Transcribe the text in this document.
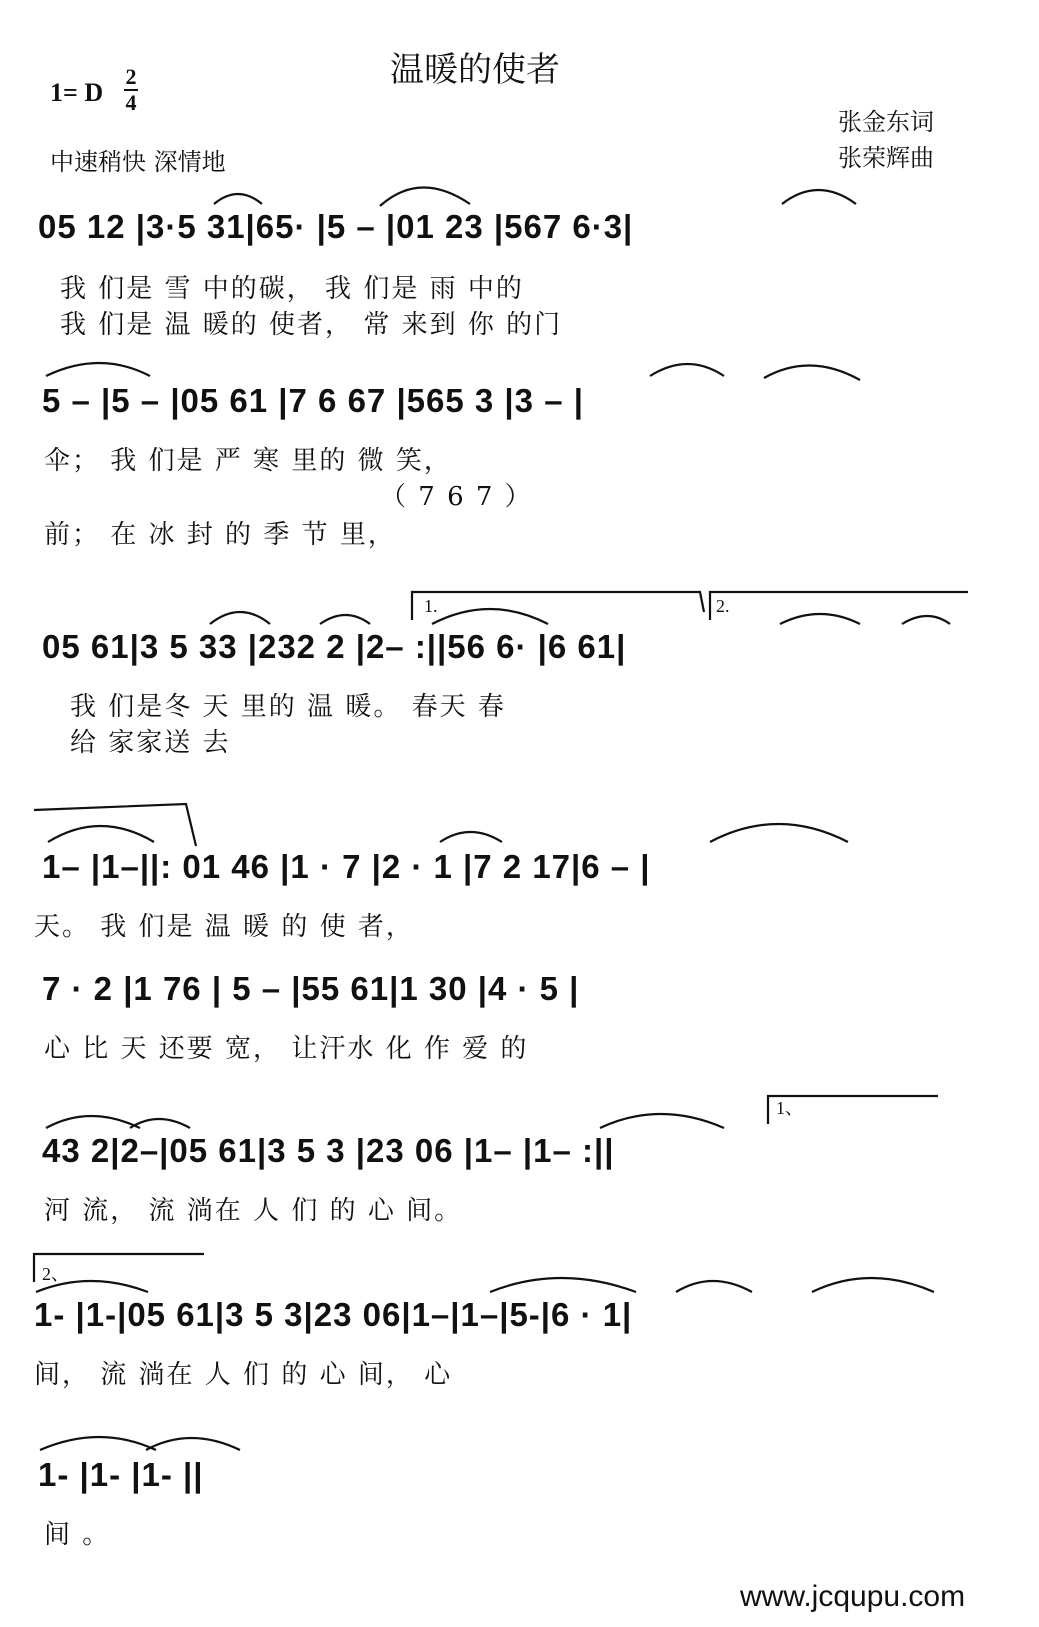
温暖的使者
1= D
2
4
中速稍快 深情地
张金东词
张荣辉曲
05 12 |3·5 31|65· |5 – |01 23 |567 6·3|
我 们是 雪 中的碳， 我 们是 雨 中的
我 们是 温 暖的 使者， 常 来到 你 的门
5 – |5 – |05 61 |7 6 67 |565 3 |3 – |
伞； 我 们是 严 寒 里的 微 笑，
（ 7 6 7 ）
前； 在 冰 封 的 季 节 里，
1.	2.
05 61|3 5 33 |232 2 |2– :||56 6· |6 61|
我 们是冬 天 里的 温 暖。 春天 春
给 家家送 去
1– |1–||: 01 46 |1 · 7 |2 · 1 |7 2 17|6 – |
天。 我 们是 温 暖 的 使 者，
7 · 2 |1 76 | 5 – |55 61|1 30 |4 · 5 |
心 比 天 还要 宽， 让汗水 化 作 爱 的
1、
43 2|2–|05 61|3 5 3 |23 06 |1– |1– :||
河 流， 流 淌在 人 们 的 心 间。
2、
1- |1-|05 61|3 5 3|23 06|1–|1–|5-|6 · 1|
间， 流 淌在 人 们 的 心 间， 心
1- |1- |1- ||
间 。
www.jcqupu.com
